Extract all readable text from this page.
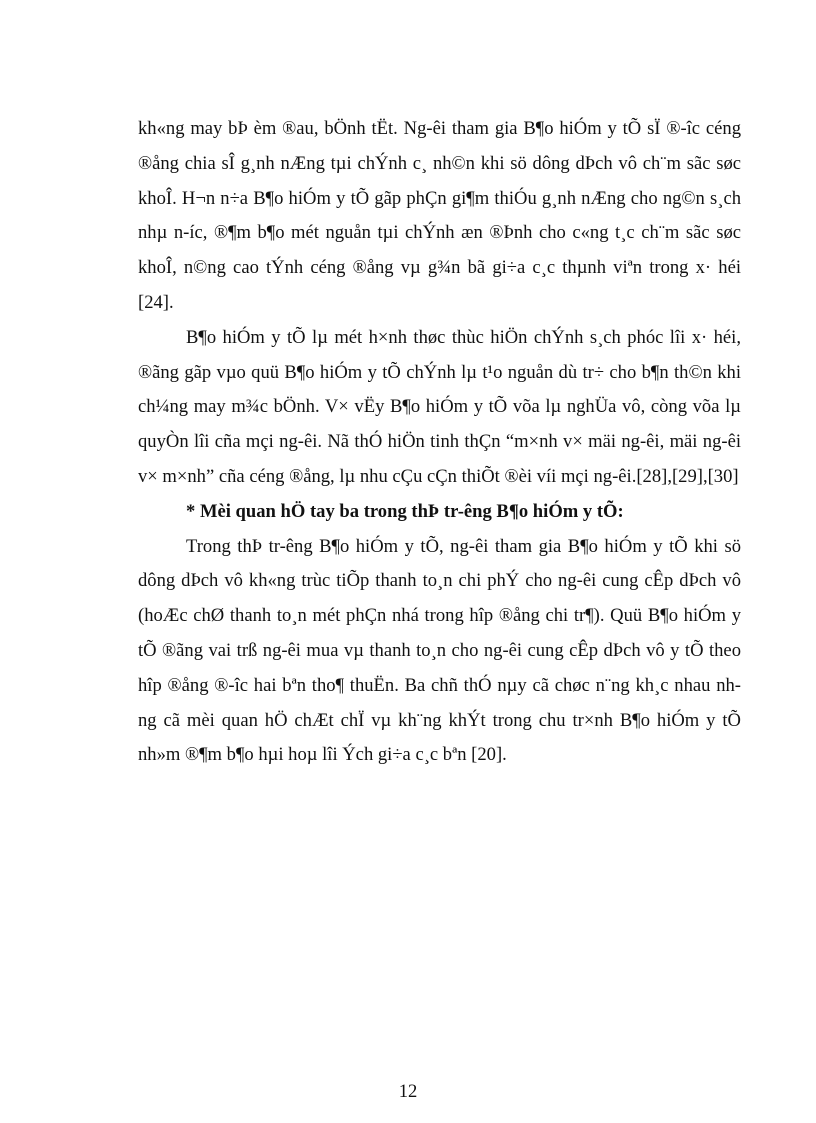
kh«ng may bÞ èm ®au, bÖnh tËt. Ng-êi tham gia B¶o hiÓm y tÕ sÏ ®-îc céng ®ång chia sÎ g¸nh nÆng tµi chÝnh c¸ nh©n khi sö dông dÞch vô ch¨m sãc søc khoÎ. H¬n n÷a B¶o hiÓm y tÕ gãp phÇn gi¶m thiÓu g¸nh nÆng cho ng©n s¸ch nhµ n-íc, ®¶m b¶o mét nguån tµi chÝnh æn ®Þnh cho c«ng t¸c ch¨m sãc søc khoÎ, n©ng cao tÝnh céng ®ång vµ g¾n bã gi÷a c¸c thµnh viªn trong x· héi [24].

B¶o hiÓm y tÕ lµ mét h×nh thøc thùc hiÖn chÝnh s¸ch phóc lîi x· héi, ®ãng gãp vµo quü B¶o hiÓm y tÕ chÝnh lµ t¹o nguån dù tr÷ cho b¶n th©n khi ch¼ng may m¾c bÖnh. V× vËy B¶o hiÓm y tÕ võa lµ nghÜa vô, còng võa lµ quyÒn lîi cña mçi ng-êi. Nã thÓ hiÖn tinh thÇn “m×nh v× mäi ng-êi, mäi ng-êi v× m×nh” cña céng ®ång, lµ nhu cÇu cÇn thiÕt ®èi víi mçi ng-êi.[28],[29],[30]

* Mèi quan hÖ tay ba trong thÞ tr-êng B¶o hiÓm y tÕ:

Trong thÞ tr-êng B¶o hiÓm y tÕ, ng-êi tham gia B¶o hiÓm y tÕ khi sö dông dÞch vô kh«ng trùc tiÕp thanh to¸n chi phÝ cho ng-êi cung cÊp dÞch vô (hoÆc chØ thanh to¸n mét phÇn nhá trong hîp ®ång chi tr¶). Quü B¶o hiÓm y tÕ ®ãng vai trß ng-êi mua vµ thanh to¸n cho ng-êi cung cÊp dÞch vô y tÕ theo hîp ®ång ®-îc hai bªn tho¶ thuËn. Ba chñ thÓ nµy cã chøc n¨ng kh¸c nhau nh-ng cã mèi quan hÖ chÆt chÏ vµ kh¨ng khÝt trong chu tr×nh B¶o hiÓm y tÕ nh»m ®¶m b¶o hµi hoµ lîi Ých gi÷a c¸c bªn [20].

12
